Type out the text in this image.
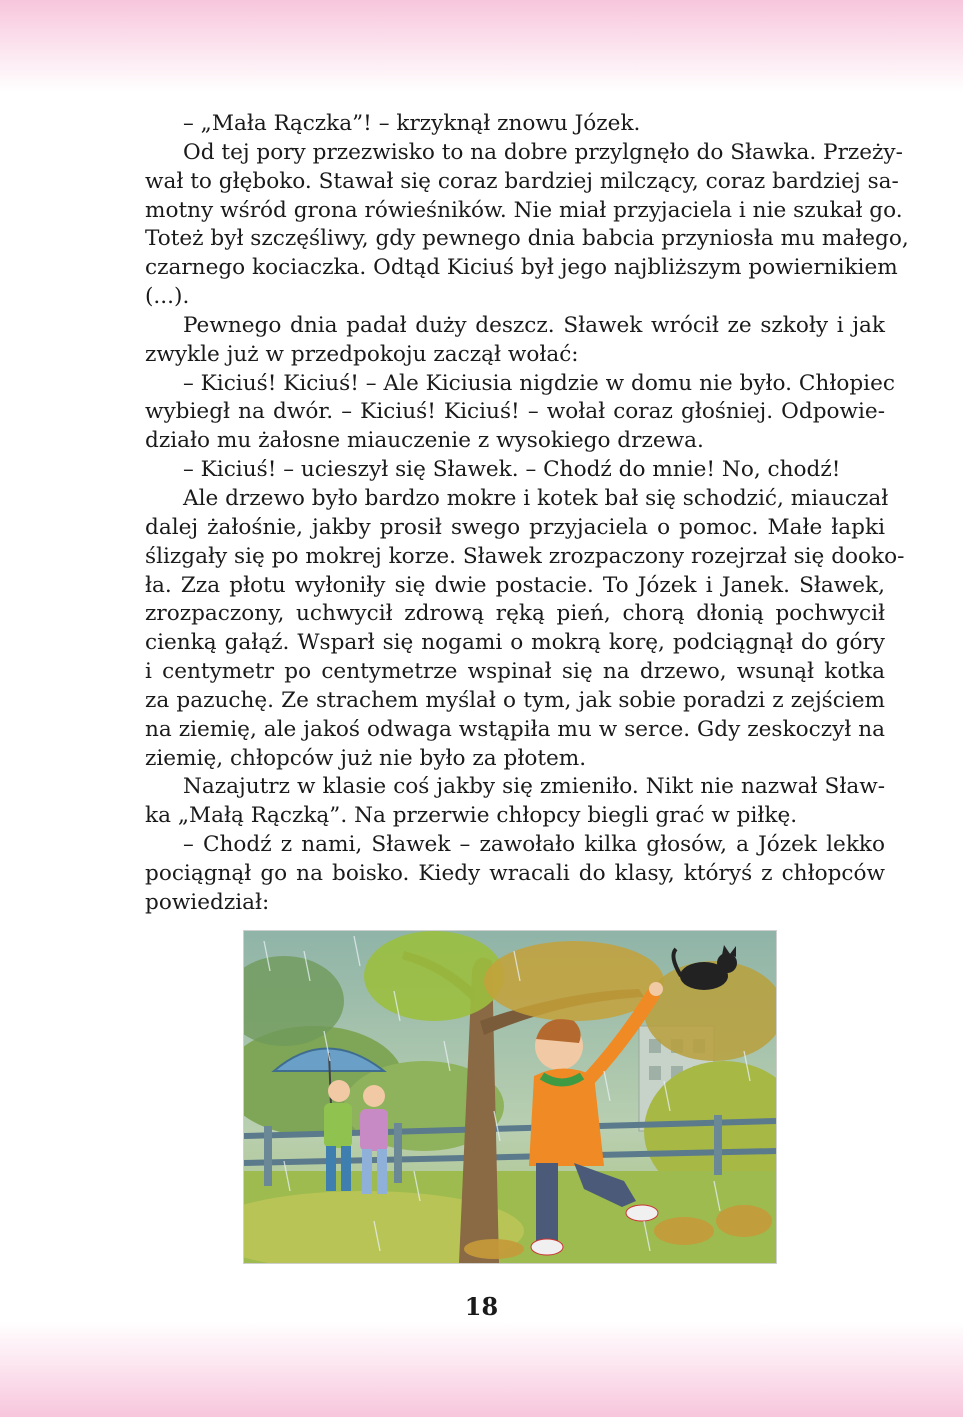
– „Mała Rączka”! – krzyknął znowu Józek.
Od tej pory przezwisko to na dobre przylgnęło do Sławka. Przeży-
wał to głęboko. Stawał się coraz bardziej milczący, coraz bardziej sa-
motny wśród grona rówieśników. Nie miał przyjaciela i nie szukał go.
Toteż był szczęśliwy, gdy pewnego dnia babcia przyniosła mu małego,
czarnego kociaczka. Odtąd Kiciuś był jego najbliższym powiernikiem
(...).
Pewnego dnia padał duży deszcz. Sławek wrócił ze szkoły i jak
zwykle już w przedpokoju zaczął wołać:
– Kiciuś! Kiciuś! – Ale Kiciusia nigdzie w domu nie było. Chłopiec
wybiegł na dwór. – Kiciuś! Kiciuś! – wołał coraz głośniej. Odpowie-
działo mu żałosne miauczenie z wysokiego drzewa.
– Kiciuś! – ucieszył się Sławek. – Chodź do mnie! No, chodź!
Ale drzewo było bardzo mokre i kotek bał się schodzić, miauczał
dalej żałośnie, jakby prosił swego przyjaciela o pomoc. Małe łapki
ślizgały się po mokrej korze. Sławek zrozpaczony rozejrzał się dooko-
ła. Zza płotu wyłoniły się dwie postacie. To Józek i Janek. Sławek,
zrozpaczony, uchwycił zdrową ręką pień, chorą dłonią pochwycił
cienką gałąź. Wsparł się nogami o mokrą korę, podciągnął do góry
i centymetr po centymetrze wspinał się na drzewo, wsunął kotka
za pazuchę. Ze strachem myślał o tym, jak sobie poradzi z zejściem
na ziemię, ale jakoś odwaga wstąpiła mu w serce. Gdy zeskoczył na
ziemię, chłopców już nie było za płotem.
Nazajutrz w klasie coś jakby się zmieniło. Nikt nie nazwał Sław-
ka „Małą Rączką”. Na przerwie chłopcy biegli grać w piłkę.
– Chodź z nami, Sławek – zawołało kilka głosów, a Józek lekko
pociągnął go na boisko. Kiedy wracali do klasy, któryś z chłopców
powiedział:
18
